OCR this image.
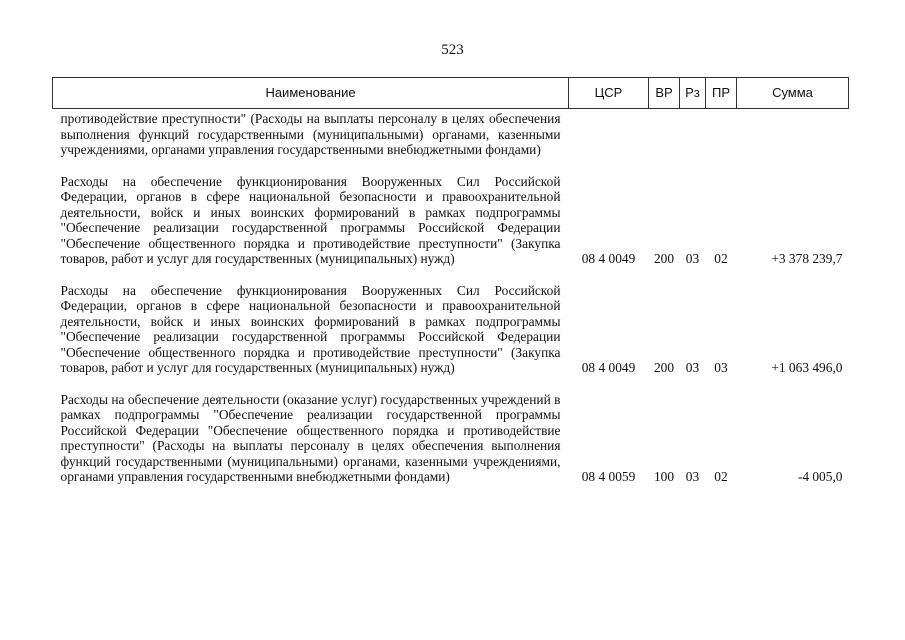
523
Наименование	ЦСР	ВР	Рз	ПР	Сумма
противодействие преступности" (Расходы на выплаты персоналу в целях обеспечения выполнения функций государственными (муниципальными) органами, казенными учреждениями, органами управления государственными внебюджетными фондами)					

Расходы на обеспечение функционирования Вооруженных Сил Российской Федерации, органов в сфере национальной безопасности и правоохранительной деятельности, войск и иных воинских формирований в рамках подпрограммы "Обеспечение реализации государственной программы Российской Федерации "Обеспечение общественного порядка и противодействие преступности" (Закупка товаров, работ и услуг для государственных (муниципальных) нужд)	08 4 0049	200	03	02	+3 378 239,7

Расходы на обеспечение функционирования Вооруженных Сил Российской Федерации, органов в сфере национальной безопасности и правоохранительной деятельности, войск и иных воинских формирований в рамках подпрограммы "Обеспечение реализации государственной программы Российской Федерации "Обеспечение общественного порядка и противодействие преступности" (Закупка товаров, работ и услуг для государственных (муниципальных) нужд)	08 4 0049	200	03	03	+1 063 496,0

Расходы на обеспечение деятельности (оказание услуг) государственных учреждений в рамках подпрограммы "Обеспечение реализации государственной программы Российской Федерации "Обеспечение общественного порядка и противодействие преступности" (Расходы на выплаты персоналу в целях обеспечения выполнения функций государственными (муниципальными) органами, казенными учреждениями, органами управления государственными внебюджетными фондами)	08 4 0059	100	03	02	-4 005,0
